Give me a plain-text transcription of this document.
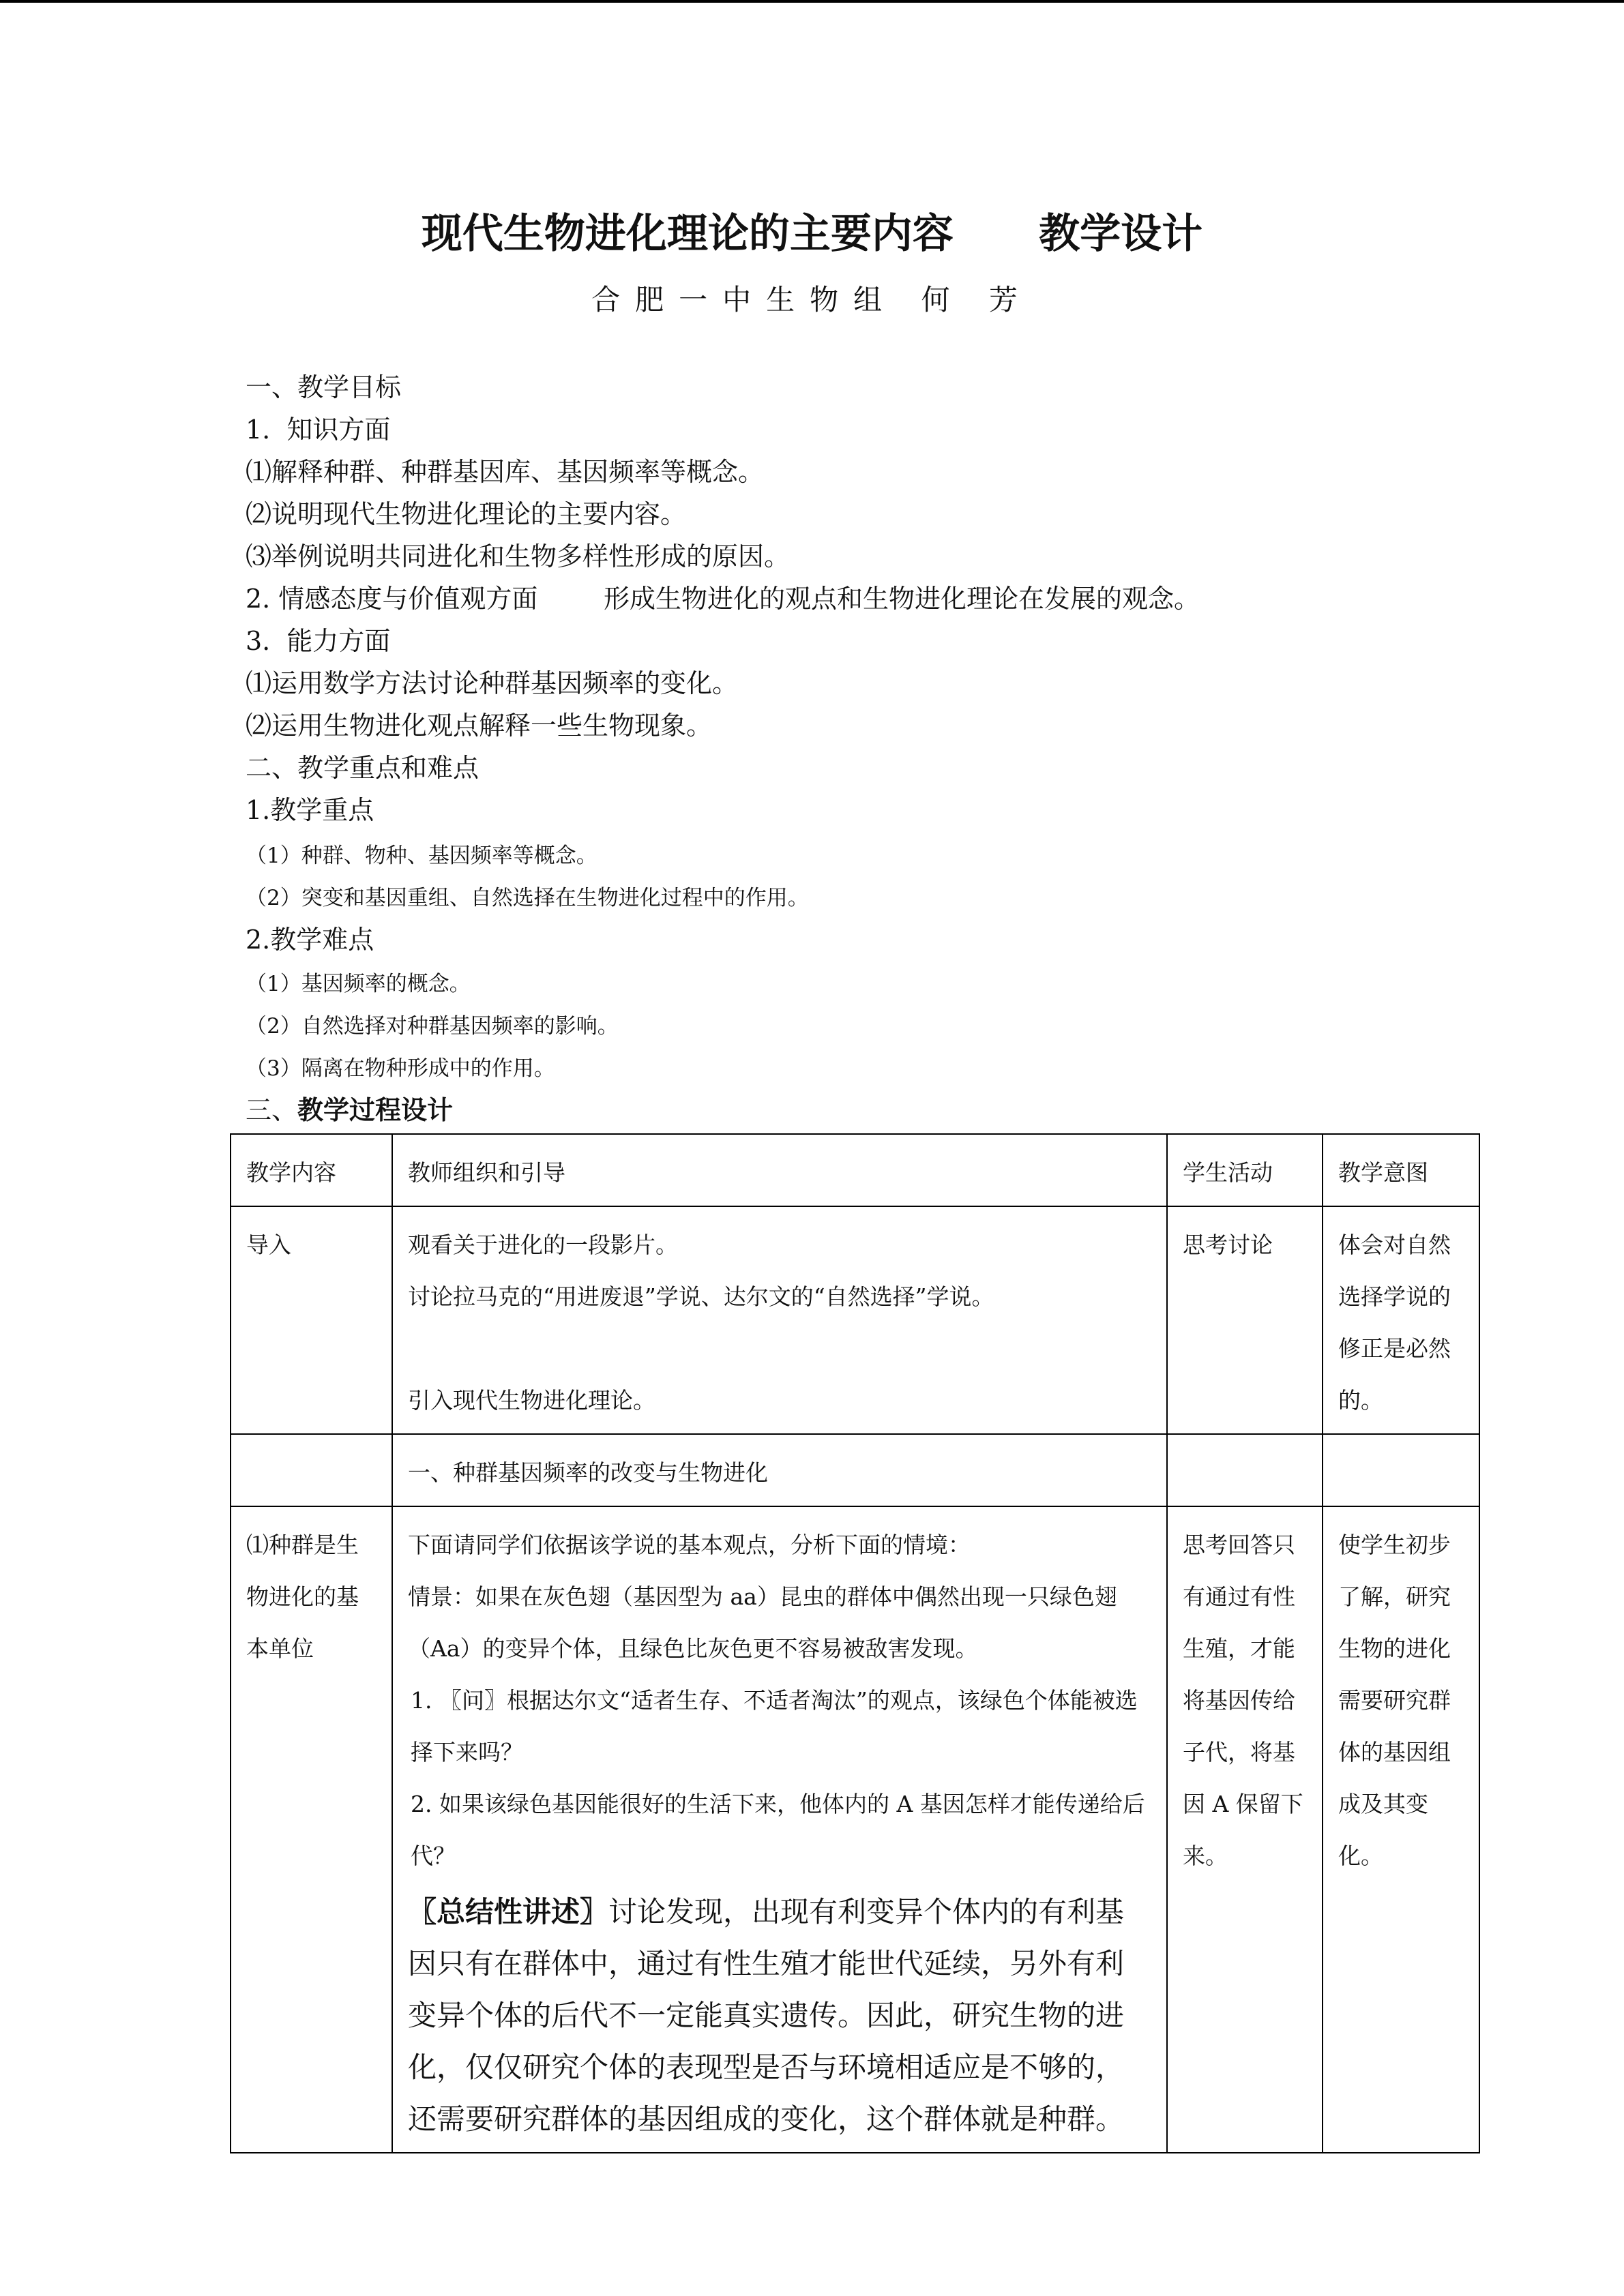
现代生物进化理论的主要内容      教学设计
合肥一中生物组 何 芳
一、教学目标
1.  知识方面
⑴解释种群、种群基因库、基因频率等概念。
⑵说明现代生物进化理论的主要内容。
⑶举例说明共同进化和生物多样性形成的原因。
2. 情感态度与价值观方面        形成生物进化的观点和生物进化理论在发展的观念。
3.  能力方面
⑴运用数学方法讨论种群基因频率的变化。
⑵运用生物进化观点解释一些生物现象。
二、教学重点和难点
1.教学重点
（1）种群、物种、基因频率等概念。
（2）突变和基因重组、自然选择在生物进化过程中的作用。
2.教学难点
（1）基因频率的概念。
（2）自然选择对种群基因频率的影响。
（3）隔离在物种形成中的作用。
三、教学过程设计
教学内容	教师组织和引导	学生活动	教学意图
导入	观看关于进化的一段影片。
讨论拉马克的“用进废退”学说、达尔文的“自然选择”学说。
引入现代生物进化理论。	思考讨论	体会对自然选择学说的修正是必然的。

	一、种群基因频率的改变与生物进化		

⑴种群是生物进化的基本单位	下面请同学们依据该学说的基本观点，分析下面的情境：
情景：如果在灰色翅（基因型为 aa）昆虫的群体中偶然出现一只绿色翅（Aa）的变异个体，且绿色比灰色更不容易被敌害发现。
1. 〖问〗根据达尔文“适者生存、不适者淘汰”的观点，该绿色个体能被选择下来吗？
2. 如果该绿色基因能很好的生活下来，他体内的 A 基因怎样才能传递给后代？
〖总结性讲述〗讨论发现，出现有利变异个体内的有利基因只有在群体中，通过有性生殖才能世代延续，另外有利变异个体的后代不一定能真实遗传。因此，研究生物的进化，仅仅研究个体的表现型是否与环境相适应是不够的，还需要研究群体的基因组成的变化，这个群体就是种群。	思考回答只有通过有性生殖，才能将基因传给子代，将基因 A 保留下来。	使学生初步了解，研究生物的进化需要研究群体的基因组成及其变化。
